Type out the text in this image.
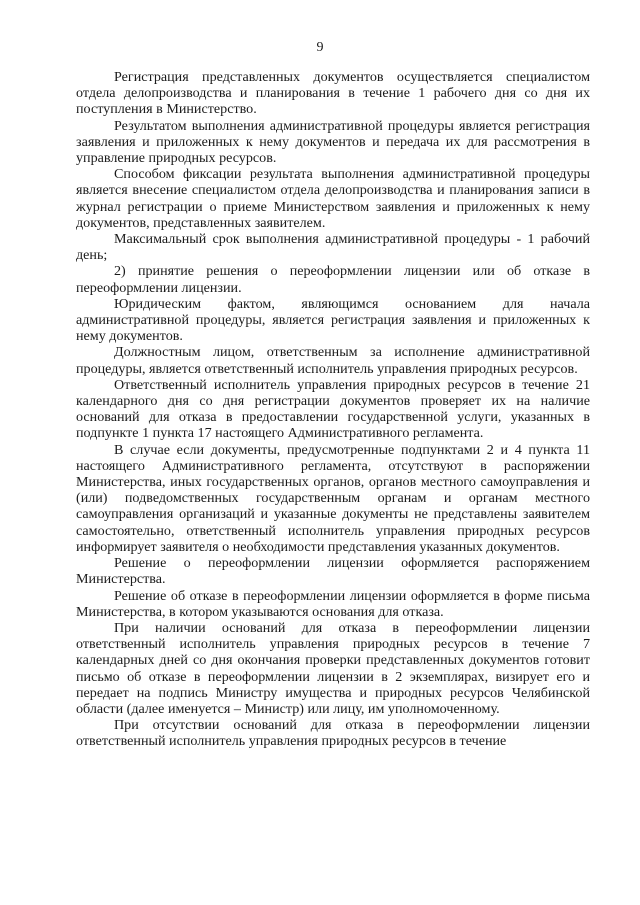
9

Регистрация представленных документов осуществляется специалистом отдела делопроизводства и планирования в течение 1 рабочего дня со дня их поступления в Министерство.

Результатом выполнения административной процедуры является регистрация заявления и приложенных к нему документов и передача их для рассмотрения в управление природных ресурсов.

Способом фиксации результата выполнения административной процедуры является внесение специалистом отдела делопроизводства и планирования записи в журнал регистрации о приеме Министерством заявления и приложенных к нему документов, представленных заявителем.

Максимальный срок выполнения административной процедуры - 1 рабочий день;

2) принятие решения о переоформлении лицензии или об отказе в переоформлении лицензии.

Юридическим фактом, являющимся основанием для начала административной процедуры, является регистрация заявления и приложенных к нему документов.

Должностным лицом, ответственным за исполнение административной процедуры, является ответственный исполнитель управления природных ресурсов.

Ответственный исполнитель управления природных ресурсов в течение 21 календарного дня со дня регистрации документов проверяет их на наличие оснований для отказа в предоставлении государственной услуги, указанных в подпункте 1 пункта 17 настоящего Административного регламента.

В случае если документы, предусмотренные подпунктами 2 и 4 пункта 11 настоящего Административного регламента, отсутствуют в распоряжении Министерства, иных государственных органов, органов местного самоуправления и (или) подведомственных государственным органам и органам местного самоуправления организаций и указанные документы не представлены заявителем самостоятельно, ответственный исполнитель управления природных ресурсов информирует заявителя о необходимости представления указанных документов.

Решение о переоформлении лицензии оформляется распоряжением Министерства.

Решение об отказе в переоформлении лицензии оформляется в форме письма Министерства, в котором указываются основания для отказа.

При наличии оснований для отказа в переоформлении лицензии ответственный исполнитель управления природных ресурсов в течение 7 календарных дней со дня окончания проверки представленных документов готовит письмо об отказе в переоформлении лицензии в 2 экземплярах, визирует его и передает на подпись Министру имущества и природных ресурсов Челябинской области (далее именуется – Министр) или лицу, им уполномоченному.

При отсутствии оснований для отказа в переоформлении лицензии ответственный исполнитель управления природных ресурсов в течение
